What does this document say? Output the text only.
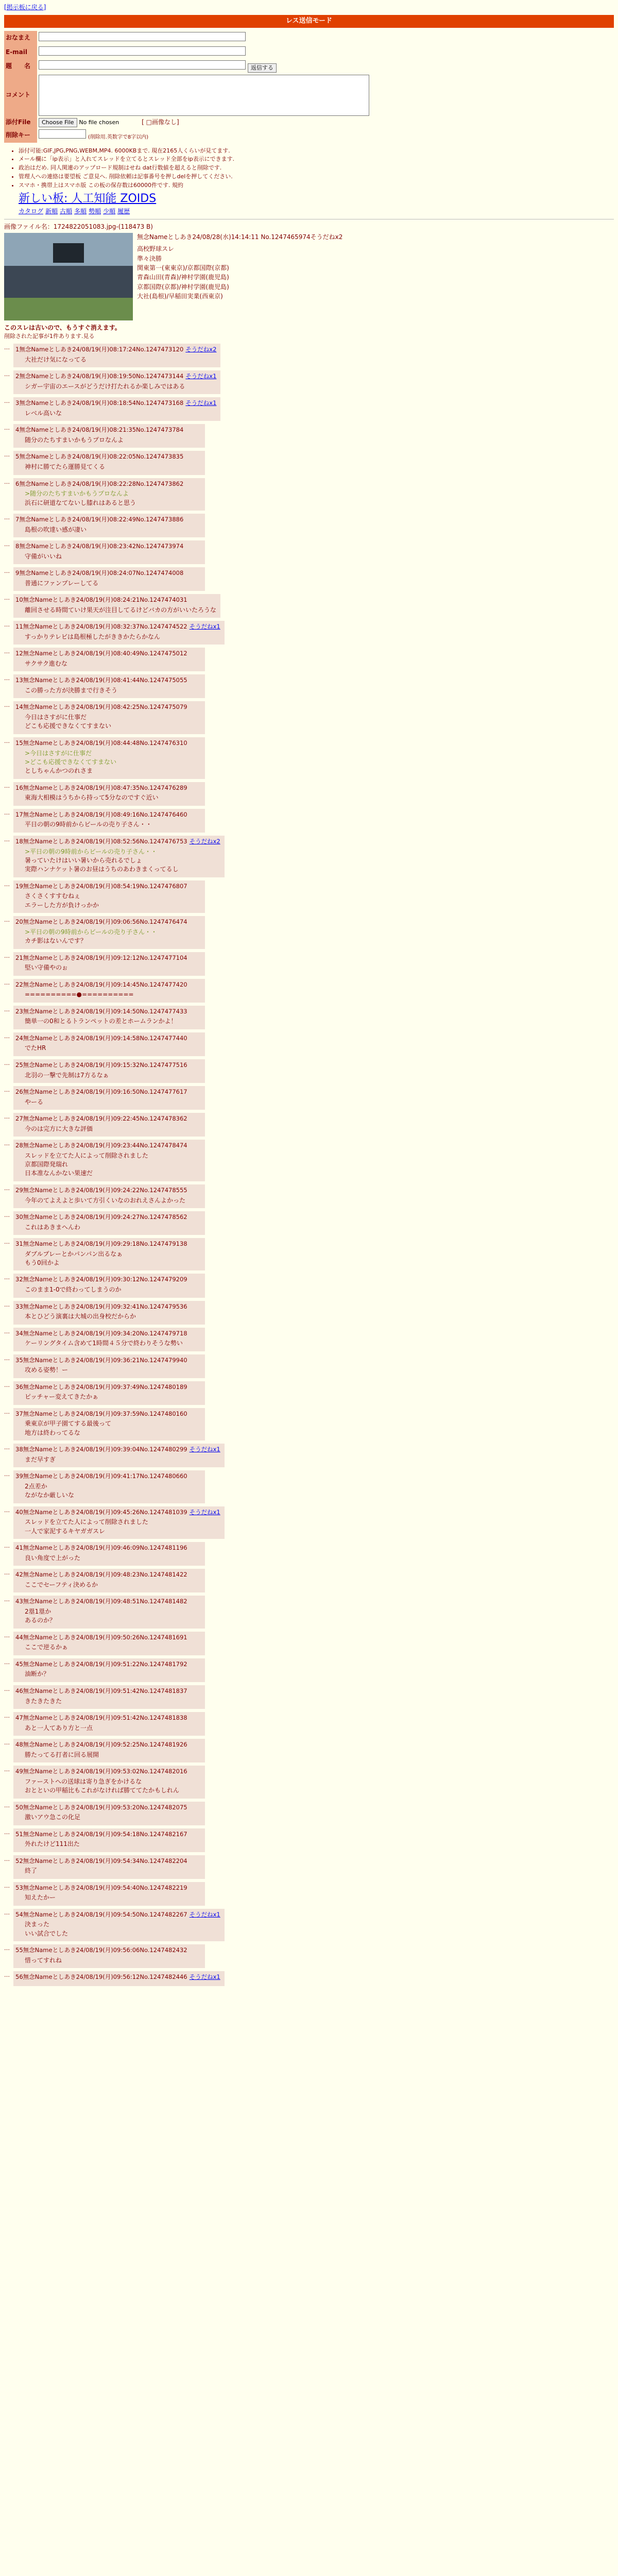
[掲示板に戻る]
レス送信モード
おなまえ	
E-mail	
題　　名	返信する
コメント	

添付File	Choose File No file chosen [ □画像なし]
削除キー	(削除用.英数字で8字以内)
• 添付可能:GIF,JPG,PNG,WEBM,MP4. 6000KBまで. 現在2165人くらいが見てます.
• メール欄に「ip表示」と入れてスレッドを立てるとスレッド全部をip表示にできます.
• 政治はだめ. 同人関連のアップロード規制はせね dat行数値を超えると削除です.
• 管理人への連絡は要望板 ご意見へ. 削除依頼は記事番号を押しdelを押してください.
• スマホ・携帯上はスマホ版 この板の保存数は60000件です. 規約
新しい板: 人工知能 ZOIDS
カタログ 新順 古順 多順 勢順 少順 履歴
画像ファイル名：1724822051083.jpg-(118473 B)
無念Nameとしあき24/08/28(水)14:14:11 No.1247465974そうだねx2
高校野球スレ
準々決勝
関東第一(東東京)/京都国際(京都)
青森山田(青森)/神村学園(鹿児島)
京都国際(京都)/神村学園(鹿児島)
大社(島根)/早稲田実業(西東京)
このスレは古いので、もうすぐ消えます。
削除された記事が1件あります.見る
… 1無念Nameとしあき24/08/19(月)08:17:24No.1247473120 そうだねx2
大社だけ気になってる
… 2無念Nameとしあき24/08/19(月)08:19:50No.1247473144 そうだねx1
シガー宇宙のエースがどうだけ打たれるか楽しみではある
… 3無念Nameとしあき24/08/19(月)08:18:54No.1247473168 そうだねx1
レベル高いな
… 4無念Nameとしあき24/08/19(月)08:21:35No.1247473784
随分のたちすまいかもうプロなんよ
… 5無念Nameとしあき24/08/19(月)08:22:05No.1247473835
神村に勝てたら運勝見てくる
… 6無念Nameとしあき24/08/19(月)08:22:28No.1247473862
>随分のたちすまいかもうプロなんよ
浜石に研道なてないし膝れはあると思う
… 7無念Nameとしあき24/08/19(月)08:22:49No.1247473886
島根の吹達い感が凄い
… 8無念Nameとしあき24/08/19(月)08:23:42No.1247473974
守備がいいね
… 9無念Nameとしあき24/08/19(月)08:24:07No.1247474008
普通にファンプレーしてる
… 10無念Nameとしあき24/08/19(月)08:24:21No.1247474031
離回させる時間ていけ果天が注目してるけどバカの方がいいたろうな
… 11無念Nameとしあき24/08/19(月)08:32:37No.1247474522 そうだねx1
すっかりテレビは島根極したがききかたらかなん
… 12無念Nameとしあき24/08/19(月)08:40:49No.1247475012
サクサク進むな
… 13無念Nameとしあき24/08/19(月)08:41:44No.1247475055
この勝った方が決勝まで行きそう
… 14無念Nameとしあき24/08/19(月)08:42:25No.1247475079
今日はさすがに仕事だ
どこも応援できなくてすまない
… 15無念Nameとしあき24/08/19(月)08:44:48No.1247476310
>今日はさすがに仕事だ
>どこも応援できなくてすまない
としちゃんかつのれさま
… 16無念Nameとしあき24/08/19(月)08:47:35No.1247476289
東海大相模はうちから持って5分なのですぐ近い
… 17無念Nameとしあき24/08/19(月)08:49:16No.1247476460
平日の朝の9時前からビールの売り子さん・・
… 18無念Nameとしあき24/08/19(月)08:52:56No.1247476753 そうだねx2
>平日の朝の9時前からビールの売り子さん・・
暑っていたけはいい暑いから売れるでしょ
実際ハンナケット暑のお昼はうちのあわきまくってるし
… 19無念Nameとしあき24/08/19(月)08:54:19No.1247476807
さくさくすすむねぇ
エラーした方が負けっかか
… 20無念Nameとしあき24/08/19(月)09:06:56No.1247476474
>平日の朝の9時前からビールの売り子さん・・
カチ影はないんです？
… 21無念Nameとしあき24/08/19(月)09:12:12No.1247477104
堅い守備やのぉ
… 22無念Nameとしあき24/08/19(月)09:14:45No.1247477420
==========●==========
… 23無念Nameとしあき24/08/19(月)09:14:50No.1247477433
簡単一の0和とるトランペットの差とホームランかよ！
… 24無念Nameとしあき24/08/19(月)09:14:58No.1247477440
でたHR
… 25無念Nameとしあき24/08/19(月)09:15:32No.1247477516
北羽の一撃で先制は7方るなぁ
… 26無念Nameとしあき24/08/19(月)09:16:50No.1247477617
やーる
… 27無念Nameとしあき24/08/19(月)09:22:45No.1247478362
今のは完方に大きな評価
… 28無念Nameとしあき24/08/19(月)09:23:44No.1247478474
スレッドを立てた人によって削除されました
京都国際発瑞れ
日本准なんかない果速だ
… 29無念Nameとしあき24/08/19(月)09:24:22No.1247478555
今年のてよえよと歩いて方引くいなのおれえさんよかった
… 30無念Nameとしあき24/08/19(月)09:24:27No.1247478562
これはあきまへんわ
… 31無念Nameとしあき24/08/19(月)09:29:18No.1247479138
ダブルプレーとかパンパン出るなぁ
もう0回かよ
… 32無念Nameとしあき24/08/19(月)09:30:12No.1247479209
このまま1-0で終わってしまうのか
… 33無念Nameとしあき24/08/19(月)09:32:41No.1247479536
本とひどう演裏は大城の出身校だからか
… 34無念Nameとしあき24/08/19(月)09:34:20No.1247479718
ケーリングタイム含めて1時間４５分で終わりそうな勢い
… 35無念Nameとしあき24/08/19(月)09:36:21No.1247479940
攻める姿勢！ー
… 36無念Nameとしあき24/08/19(月)09:37:49No.1247480189
ピッチャー変えてきたかぁ
… 37無念Nameとしあき24/08/19(月)09:37:59No.1247480160
乗東京が甲子園てする最後って
地方は終わってるな
… 38無念Nameとしあき24/08/19(月)09:39:04No.1247480299 そうだねx1
まだ早すぎ
… 39無念Nameとしあき24/08/19(月)09:41:17No.1247480660
2点差か
ながなか厳しいな
… 40無念Nameとしあき24/08/19(月)09:45:26No.1247481039 そうだねx1
スレッドを立てた人によって削除されました
一人で家泥するキヤガガスレ
… 41無念Nameとしあき24/08/19(月)09:46:09No.1247481196
良い角度で上がった
… 42無念Nameとしあき24/08/19(月)09:48:23No.1247481422
ここでセーフティ決めるか
… 43無念Nameとしあき24/08/19(月)09:48:51No.1247481482
2塁1塁か
あるのか？
… 44無念Nameとしあき24/08/19(月)09:50:26No.1247481691
ここで逆るかぁ
… 45無念Nameとしあき24/08/19(月)09:51:22No.1247481792
油断か？
… 46無念Nameとしあき24/08/19(月)09:51:42No.1247481837
きたきたきた
… 47無念Nameとしあき24/08/19(月)09:51:42No.1247481838
あと一人てあり方と一点
… 48無念Nameとしあき24/08/19(月)09:52:25No.1247481926
勝たってる打者に回る展開
… 49無念Nameとしあき24/08/19(月)09:53:02No.1247482016
ファーストへの送球は寄り急ぎをかけるな
おとといの甲稲比もこれがなければ勝ててたかもしれん
… 50無念Nameとしあき24/08/19(月)09:53:20No.1247482075
激いアウ急この化足
… 51無念Nameとしあき24/08/19(月)09:54:18No.1247482167
外れたけど111出た
… 52無念Nameとしあき24/08/19(月)09:54:34No.1247482204
終了
… 53無念Nameとしあき24/08/19(月)09:54:40No.1247482219
知えたかー
… 54無念Nameとしあき24/08/19(月)09:54:50No.1247482267 そうだねx1
決まった
いい試合でした
… 55無念Nameとしあき24/08/19(月)09:56:06No.1247482432
惜ってすれね
… 56無念Nameとしあき24/08/19(月)09:56:12No.1247482446 そうだねx1
